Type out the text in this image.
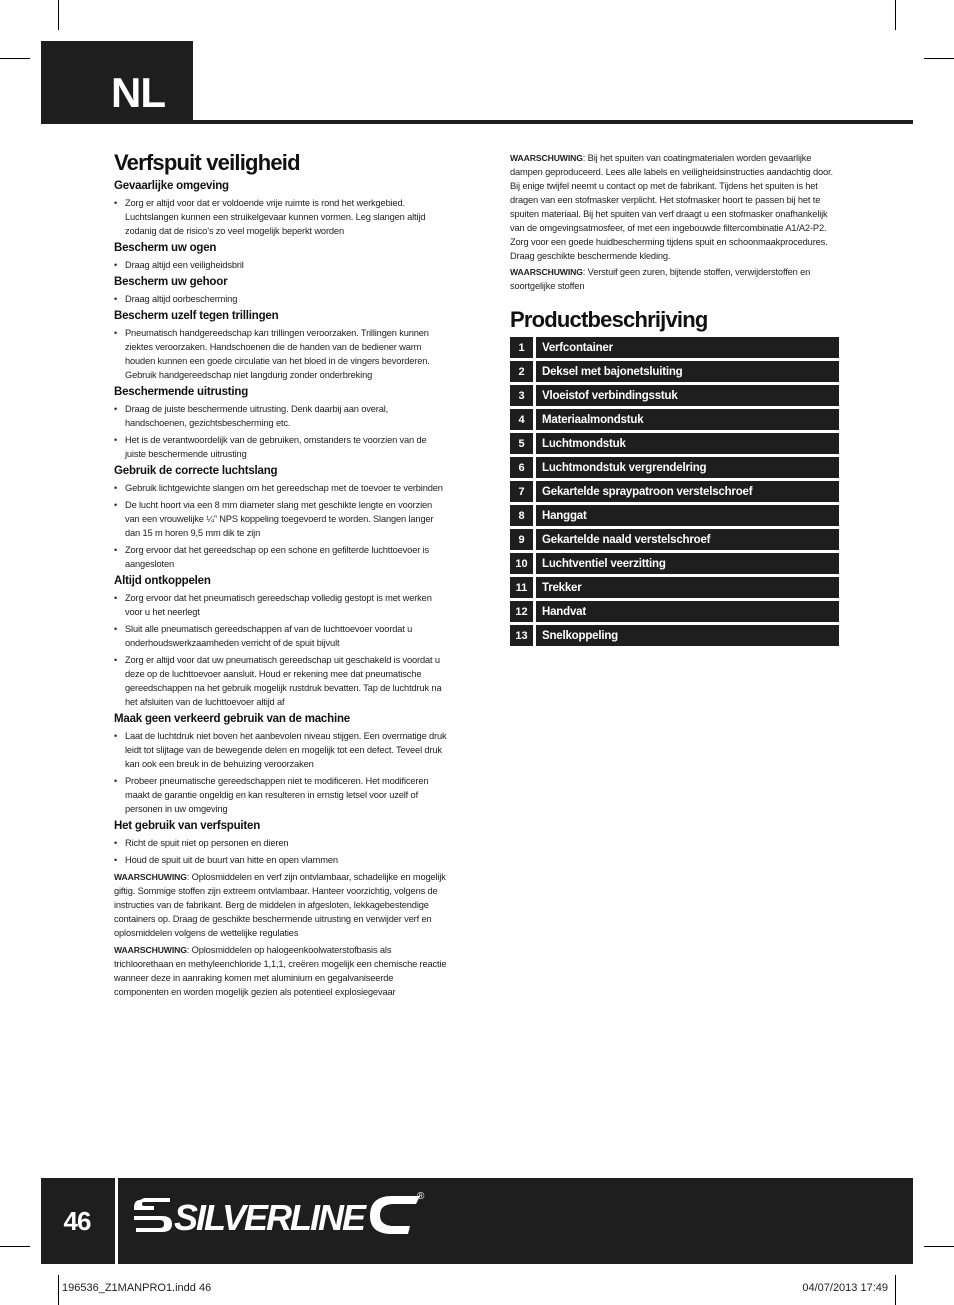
NL
Verfspuit veiligheid
Gevaarlijke omgeving
• Zorg er altijd voor dat er voldoende vrije ruimte is rond het werkgebied. Luchtslangen kunnen een struikelgevaar kunnen vormen. Leg slangen altijd zodanig dat de risico’s zo veel mogelijk beperkt worden
Bescherm uw ogen
• Draag altijd een veiligheidsbril
Bescherm uw gehoor
• Draag altijd oorbescherming
Bescherm uzelf tegen trillingen
• Pneumatisch handgereedschap kan trillingen veroorzaken. Trillingen kunnen ziektes veroorzaken. Handschoenen die de handen van de bediener warm houden kunnen een goede circulatie van het bloed in de vingers bevorderen. Gebruik handgereedschap niet langdurig zonder onderbreking
Beschermende uitrusting
• Draag de juiste beschermende uitrusting. Denk daarbij aan overal, handschoenen, gezichtsbescherming etc.
• Het is de verantwoordelijk van de gebruiken, omstanders te voorzien van de juiste beschermende uitrusting
Gebruik de correcte luchtslang
• Gebruik lichtgewichte slangen om het gereedschap met de toevoer te verbinden
• De lucht hoort via een 8 mm diameter slang met geschikte lengte en voorzien van een vrouwelijke ¼” NPS koppeling toegevoerd te worden. Slangen langer dan 15 m horen 9,5 mm dik te zijn
• Zorg ervoor dat het gereedschap op een schone en gefilterde luchttoevoer is aangesloten
Altijd ontkoppelen
• Zorg ervoor dat het pneumatisch gereedschap volledig gestopt is met werken voor u het neerlegt
• Sluit alle pneumatisch gereedschappen af van de luchttoevoer voordat u onderhoudswerkzaamheden verricht of de spuit bijvult
• Zorg er altijd voor dat uw pneumatisch gereedschap uit geschakeld is voordat u deze op de luchttoevoer aansluit. Houd er rekening mee dat pneumatische gereedschappen na het gebruik mogelijk rustdruk bevatten. Tap de luchtdruk na het afsluiten van de luchttoevoer altijd af
Maak geen verkeerd gebruik van de machine
• Laat de luchtdruk niet boven het aanbevolen niveau stijgen. Een overmatige druk leidt tot slijtage van de bewegende delen en mogelijk tot een defect. Teveel druk kan ook een breuk in de behuizing veroorzaken
• Probeer pneumatische gereedschappen niet te modificeren. Het modificeren maakt de garantie ongeldig en kan resulteren in ernstig letsel voor uzelf of personen in uw omgeving
Het gebruik van verfspuiten
• Richt de spuit niet op personen en dieren
• Houd de spuit uit de buurt van hitte en open vlammen

WAARSCHUWING: Oplosmiddelen en verf zijn ontvlambaar, schadelijke en mogelijk giftig. Sommige stoffen zijn extreem ontvlambaar. Hanteer voorzichtig, volgens de instructies van de fabrikant. Berg de middelen in afgesloten, lekkagebestendige containers op. Draag de geschikte beschermende uitrusting en verwijder verf en oplosmiddelen volgens de wettelijke regulaties

WAARSCHUWING: Oplosmiddelen op halogeenkoolwaterstofbasis als trichloorethaan en methyleenchloride 1,1,1, creëren mogelijk een chemische reactie wanneer deze in aanraking komen met aluminium en gegalvaniseerde componenten en worden mogelijk gezien als potentieel explosiegevaar

WAARSCHUWING: Bij het spuiten van coatingmaterialen worden gevaarlijke dampen geproduceerd. Lees alle labels en veiligheidsinstructies aandachtig door. Bij enige twijfel neemt u contact op met de fabrikant. Tijdens het spuiten is het dragen van een stofmasker verplicht. Het stofmasker hoort te passen bij het te spuiten materiaal. Bij het spuiten van verf draagt u een stofmasker onafhankelijk van de omgevingsatmosfeer, of met een ingebouwde filtercombinatie A1/A2-P2. Zorg voor een goede huidbescherming tijdens spuit en schoonmaakprocedures. Draag geschikte beschermende kleding.

WAARSCHUWING: Verstuif geen zuren, bijtende stoffen, verwijderstoffen en soortgelijke stoffen

Productbeschrijving
1	Verfcontainer
2	Deksel met bajonetsluiting
3	Vloeistof verbindingsstuk
4	Materiaalmondstuk
5	Luchtmondstuk
6	Luchtmondstuk vergrendelring
7	Gekartelde spraypatroon verstelschroef
8	Hanggat
9	Gekartelde naald verstelschroef
10	Luchtventiel veerzitting
11	Trekker
12	Handvat
13	Snelkoppeling
46	SILVERLINE
®
196536_Z1MANPRO1.indd 46	04/07/2013 17:49
